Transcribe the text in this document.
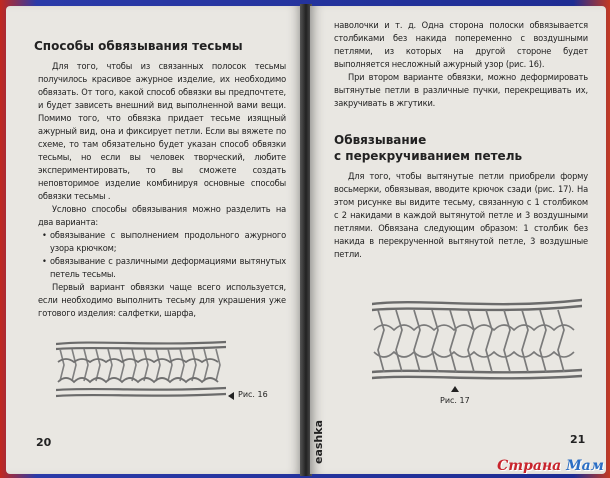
Способы обвязывания тесьмы

Для того, чтобы из связанных полосок тесьмы получилось красивое ажурное изделие, их необходимо обвязать. От того, какой способ обвязки вы предпочтете, и будет зависеть внешний вид выполненной вами вещи. Помимо того, что обвязка придает тесьме изящный ажурный вид, она и фиксирует петли. Если вы вяжете по схеме, то там обязательно будет указан способ обвязки тесьмы, но если вы человек творческий, любите экспериментировать, то вы сможете создать неповторимое изделие комбинируя основные способы обвязки тесьмы .

Условно способы обвязывания можно разделить на два варианта:

• обвязывание с выполнением продольного ажурного узора крючком;
• обвязывание с различными деформациями вытянутых петель тесьмы.

Первый вариант обвязки чаще всего используется, если необходимо выполнить тесьму для украшения уже готового изделия: салфетки, шарфа,

Рис. 16
20

наволочки и т. д. Одна сторона полоски обвязывается столбиками без накида попеременно с воздушными петлями, из которых на другой стороне будет выполняется несложный ажурный узор (рис. 16).

При втором варианте обвязки, можно деформировать вытянутые петли в различные пучки, перекрещивать их, закручивать в жгутики.

Обвязывание
с перекручиванием петель

Для того, чтобы вытянутые петли приобрели форму восьмерки, обвязывая, вводите крючок сзади (рис. 17). На этом рисунке вы видите тесьму, связанную с 1 столбиком с 2 накидами в каждой вытянутой петле и 3 воздушными петлями. Обвязана следующим образом: 1 столбик без накида в перекрученной вытянутой петле, 3 воздушные петли.

Рис. 17
eashka	21
Страна Мам
